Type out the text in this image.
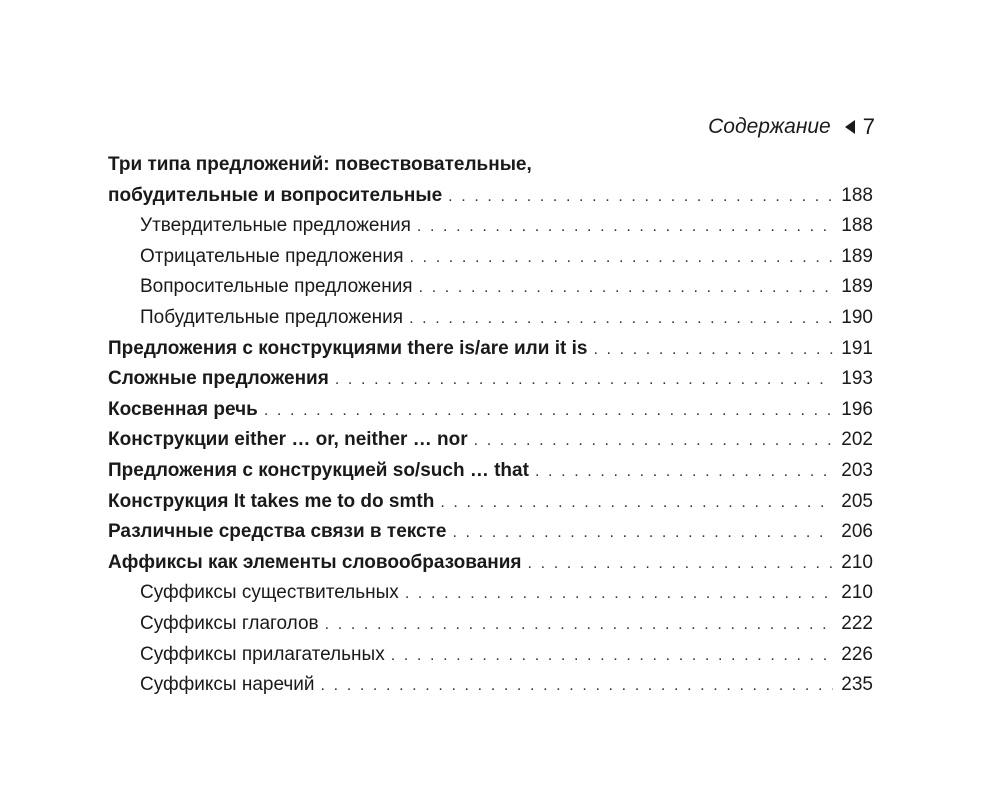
Содержание 7
Три типа предложений: повествовательные,
побудительные и вопросительные . . .	188
Утвердительные предложения . . .	188
Отрицательные предложения . . .	189
Вопросительные предложения . . .	189
Побудительные предложения . . .	190
Предложения с конструкциями there is/are или it is . . .	191
Сложные предложения . . .	193
Косвенная речь . . .	196
Конструкции either … or, neither … nor . . .	202
Предложения с конструкцией so/such … that . . .	203
Конструкция It takes me to do smth . . .	205
Различные средства связи в тексте . . .	206
Аффиксы как элементы словообразования . . .	210
Суффиксы существительных . . .	210
Суффиксы глаголов . . .	222
Суффиксы прилагательных . . .	226
Суффиксы наречий . . .	235
